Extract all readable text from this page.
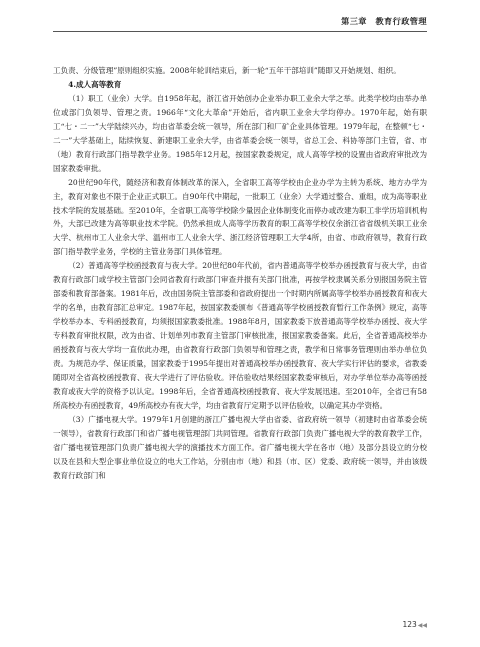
第三章　教育行政管理

工负责、分级管理”原则组织实施。2008年轮训结束后，新一轮“五年干部培训”随即又开始规划、组织。

4.成人高等教育

（1）职工（业余）大学。自1958年起，浙江省开始创办企业举办职工业余大学之举。此类学校均由举办单位或部门负领导、管理之责。1966年“文化大革命”开始后，省内职工业余大学均停办。1970年起，始有职工“七・二一”大学陆续兴办，均由省革委会统一领导，所在部门和厂矿企业具体管理。1979年起，在整顿“七・二一”大学基础上，陆续恢复、新建职工业余大学，由省革委会统一领导，省总工会、科协等部门主管，省、市（地）教育行政部门指导教学业务。1985年12月起，按国家教委规定，成人高等学校的设置由省政府审批改为国家教委审批。

20世纪90年代，随经济和教育体制改革的深入，全省职工高等学校由企业办学为主转为系统、地方办学为主，教育对象也不限于企业正式职工。自90年代中期起，一批职工（业余）大学通过整合、重组，成为高等职业技术学院的发展基础。至2010年，全省职工高等学校除少量因企业体制变化而停办或改建为职工非学历培训机构外，大部已改建为高等职业技术学院。仍然承担成人高等学历教育的职工高等学校仅余浙江省省级机关职工业余大学、杭州市工人业余大学、温州市工人业余大学、浙江经济管理职工大学4所，由省、市政府领导，教育行政部门指导教学业务，学校的主管业务部门具体管理。

（2）普通高等学校函授教育与夜大学。20世纪80年代前，省内普通高等学校举办函授教育与夜大学，由省教育行政部门或学校主管部门会同省教育行政部门审查并报有关部门批准，再按学校隶属关系分别报国务院主管部委和教育部备案。1981年后，改由国务院主管部委和省政府提出一个时期内所属高等学校举办函授教育和夜大学的名单，由教育部汇总审定。1987年起，按国家教委颁布《普通高等学校函授教育暂行工作条例》规定，高等学校举办本、专科函授教育，均须报国家教委批准。1988年8月，国家教委下放普通高等学校举办函授、夜大学专科教育审批权限，改为由省、计划单列市教育主管部门审核批准，报国家教委备案。此后，全省普通高校举办函授教育与夜大学均一直依此办理，由省教育行政部门负领导和管理之责，教学和日常事务管理则由举办单位负责。为规范办学、保证质量，国家教委于1995年提出对普通高校举办函授教育、夜大学实行评估的要求，省教委随即对全省高校函授教育、夜大学进行了评估验收。评估验收结果经国家教委审核后，对办学单位举办高等函授教育或夜大学的资格予以认定。1998年后，全省普通高校函授教育、夜大学发展迅速。至2010年，全省已有58所高校办有函授教育，49所高校办有夜大学，均由省教育厅定期予以评估验收，以确定其办学资格。

（3）广播电视大学。1979年1月创建的浙江广播电视大学由省委、省政府统一领导（初建时由省革委会统一领导），省教育行政部门和省广播电视管理部门共同管理。省教育行政部门负责广播电视大学的教育教学工作，省广播电视管理部门负责广播电视大学的演播技术方面工作。省广播电视大学在各市（地）及部分县设立的分校以及在县和大型企事业单位设立的电大工作站，分别由市（地）和县（市、区）党委、政府统一领导，并由该级教育行政部门和

123◀◀
